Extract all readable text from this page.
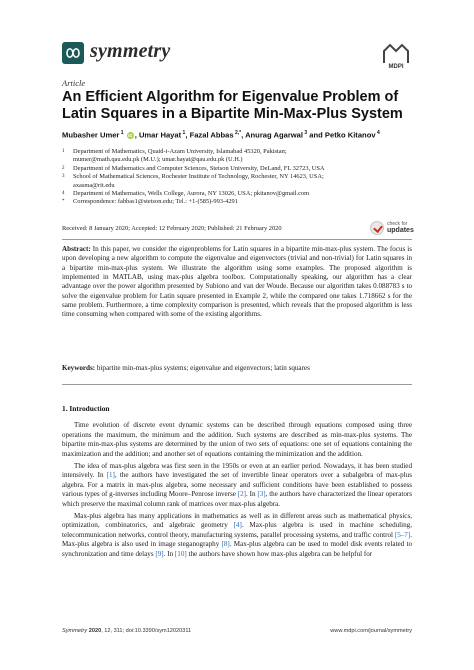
symmetry
MDPI
Article
An Efficient Algorithm for Eigenvalue Problem of Latin Squares in a Bipartite Min-Max-Plus System
Mubasher Umer $^1$ iD , Umar Hayat $^1$, Fazal Abbas $^{2,*}$, Anurag Agarwal $^3$ and Petko Kitanov $^4$
1	Department of Mathematics, Quaid-i-Azam University, Islamabad 45320, Pakistan;
mumer@math.qau.edu.pk (M.U.); umar.hayat@qau.edu.pk (U.H.)
2	Department of Mathematics and Computer Sciences, Stetson University, DeLand, FL 32723, USA
3	School of Mathematical Sciences, Rochester Institute of Technology, Rochester, NY 14623, USA;
axasma@rit.edu
4	Department of Mathematics, Wells College, Aurora, NY 13026, USA; pkitanov@gmail.com
*	Correspondence: fabbas1@stetson.edu; Tel.: +1-(585)-993-4291
Received: 8 January 2020; Accepted: 12 February 2020; Published: 21 February 2020
check for
updates
Abstract: In this paper, we consider the eigenproblems for Latin squares in a bipartite min-max-plus system. The focus is upon developing a new algorithm to compute the eigenvalue and eigenvectors (trivial and non-trivial) for Latin squares in a bipartite min-max-plus system. We illustrate the algorithm using some examples. The proposed algorithm is implemented in MATLAB, using max-plus algebra toolbox. Computationally speaking, our algorithm has a clear advantage over the power algorithm presented by Subiono and van der Woude. Because our algorithm takes 0.088783 s to solve the eigenvalue problem for Latin square presented in Example 2, while the compared one takes 1.718662 s for the same problem. Furthermore, a time complexity comparison is presented, which reveals that the proposed algorithm is less time consuming when compared with some of the existing algorithms.
Keywords: bipartite min-max-plus systems; eigenvalue and eigenvectors; latin squares
1. Introduction

Time evolution of discrete event dynamic systems can be described through equations composed using three operations the maximum, the minimum and the addition. Such systems are described as min-max-plus systems. The bipartite min-max-plus systems are determined by the union of two sets of equations: one set of equations containing the maximization and the addition; and another set of equations containing the minimization and the addition.

The idea of max-plus algebra was first seen in the 1950s or even at an earlier period. Nowadays, it has been studied intensively. In [1], the authors have investigated the set of invertible linear operators over a subalgebra of max-plus algebra. For a matrix in max-plus algebra, some necessary and sufficient conditions have been established to possess various types of g-inverses including Moore–Penrose inverse [2]. In [3], the authors have characterized the linear operators which preserve the maximal column rank of matrices over max-plus algebra.

Max-plus algebra has many applications in mathematics as well as in different areas such as mathematical physics, optimization, combinatorics, and algebraic geometry [4]. Max-plus algebra is used in machine scheduling, telecommunication networks, control theory, manufacturing systems, parallel processing systems, and traffic control [5–7]. Max-plus algebra is also used in image steganography [8]. Max-plus algebra can be used to model disk events related to synchronization and time delays [9]. In [10] the authors have shown how max-plus algebra can be helpful for

Symmetry 2020, 12, 311; doi:10.3390/sym12020311	www.mdpi.com/journal/symmetry
